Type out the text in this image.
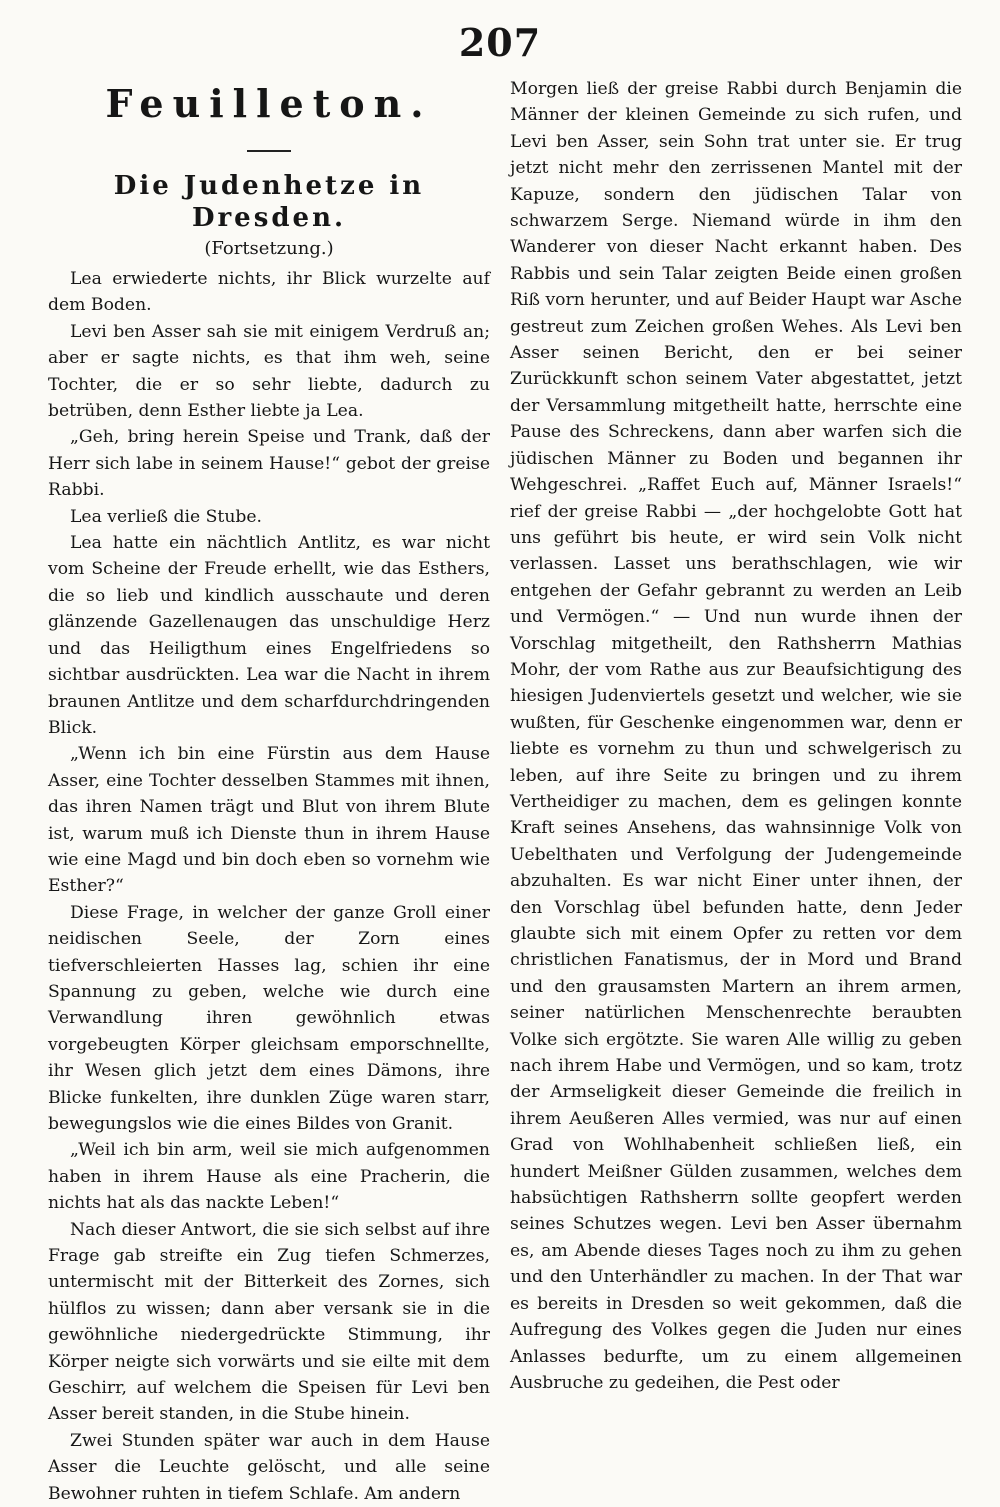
207
Feuilleton.
Die Judenhetze in Dresden.
(Fortsetzung.)

Lea erwiederte nichts, ihr Blick wurzelte auf dem Boden.

Levi ben Asser sah sie mit einigem Verdruß an; aber er sagte nichts, es that ihm weh, seine Tochter, die er so sehr liebte, dadurch zu betrüben, denn Esther liebte ja Lea.

„Geh, bring herein Speise und Trank, daß der Herr sich labe in seinem Hause!“ gebot der greise Rabbi.

Lea verließ die Stube.

Lea hatte ein nächtlich Antlitz, es war nicht vom Scheine der Freude erhellt, wie das Esthers, die so lieb und kindlich ausschaute und deren glänzende Gazellenaugen das unschuldige Herz und das Heiligthum eines Engelfriedens so sichtbar ausdrückten. Lea war die Nacht in ihrem braunen Antlitze und dem scharfdurchdringenden Blick.

„Wenn ich bin eine Fürstin aus dem Hause Asser, eine Tochter desselben Stammes mit ihnen, das ihren Namen trägt und Blut von ihrem Blute ist, warum muß ich Dienste thun in ihrem Hause wie eine Magd und bin doch eben so vornehm wie Esther?“

Diese Frage, in welcher der ganze Groll einer neidischen Seele, der Zorn eines tiefverschleierten Hasses lag, schien ihr eine Spannung zu geben, welche wie durch eine Verwandlung ihren gewöhnlich etwas vorgebeugten Körper gleichsam emporschnellte, ihr Wesen glich jetzt dem eines Dämons, ihre Blicke funkelten, ihre dunklen Züge waren starr, bewegungslos wie die eines Bildes von Granit.

„Weil ich bin arm, weil sie mich aufgenommen haben in ihrem Hause als eine Pracherin, die nichts hat als das nackte Leben!“

Nach dieser Antwort, die sie sich selbst auf ihre Frage gab streifte ein Zug tiefen Schmerzes, untermischt mit der Bitterkeit des Zornes, sich hülflos zu wissen; dann aber versank sie in die gewöhnliche niedergedrückte Stimmung, ihr Körper neigte sich vorwärts und sie eilte mit dem Geschirr, auf welchem die Speisen für Levi ben Asser bereit standen, in die Stube hinein.

Zwei Stunden später war auch in dem Hause Asser die Leuchte gelöscht, und alle seine Bewohner ruhten in tiefem Schlafe. Am andern

Morgen ließ der greise Rabbi durch Benjamin die Männer der kleinen Gemeinde zu sich rufen, und Levi ben Asser, sein Sohn trat unter sie. Er trug jetzt nicht mehr den zerrissenen Mantel mit der Kapuze, sondern den jüdischen Talar von schwarzem Serge. Niemand würde in ihm den Wanderer von dieser Nacht erkannt haben. Des Rabbis und sein Talar zeigten Beide einen großen Riß vorn herunter, und auf Beider Haupt war Asche gestreut zum Zeichen großen Wehes. Als Levi ben Asser seinen Bericht, den er bei seiner Zurückkunft schon seinem Vater abgestattet, jetzt der Versammlung mitgetheilt hatte, herrschte eine Pause des Schreckens, dann aber warfen sich die jüdischen Männer zu Boden und begannen ihr Wehgeschrei. „Raffet Euch auf, Männer Israels!“ rief der greise Rabbi — „der hochgelobte Gott hat uns geführt bis heute, er wird sein Volk nicht verlassen. Lasset uns berathschlagen, wie wir entgehen der Gefahr gebrannt zu werden an Leib und Vermögen.“ — Und nun wurde ihnen der Vorschlag mitgetheilt, den Rathsherrn Mathias Mohr, der vom Rathe aus zur Beaufsichtigung des hiesigen Judenviertels gesetzt und welcher, wie sie wußten, für Geschenke eingenommen war, denn er liebte es vornehm zu thun und schwelgerisch zu leben, auf ihre Seite zu bringen und zu ihrem Vertheidiger zu machen, dem es gelingen konnte Kraft seines Ansehens, das wahnsinnige Volk von Uebelthaten und Verfolgung der Judengemeinde abzuhalten. Es war nicht Einer unter ihnen, der den Vorschlag übel befunden hatte, denn Jeder glaubte sich mit einem Opfer zu retten vor dem christlichen Fanatismus, der in Mord und Brand und den grausamsten Martern an ihrem armen, seiner natürlichen Menschenrechte beraubten Volke sich ergötzte. Sie waren Alle willig zu geben nach ihrem Habe und Vermögen, und so kam, trotz der Armseligkeit dieser Gemeinde die freilich in ihrem Aeußeren Alles vermied, was nur auf einen Grad von Wohlhabenheit schließen ließ, ein hundert Meißner Gülden zusammen, welches dem habsüchtigen Rathsherrn sollte geopfert werden seines Schutzes wegen. Levi ben Asser übernahm es, am Abende dieses Tages noch zu ihm zu gehen und den Unterhändler zu machen. In der That war es bereits in Dresden so weit gekommen, daß die Aufregung des Volkes gegen die Juden nur eines Anlasses bedurfte, um zu einem allgemeinen Ausbruche zu gedeihen, die Pest oder
